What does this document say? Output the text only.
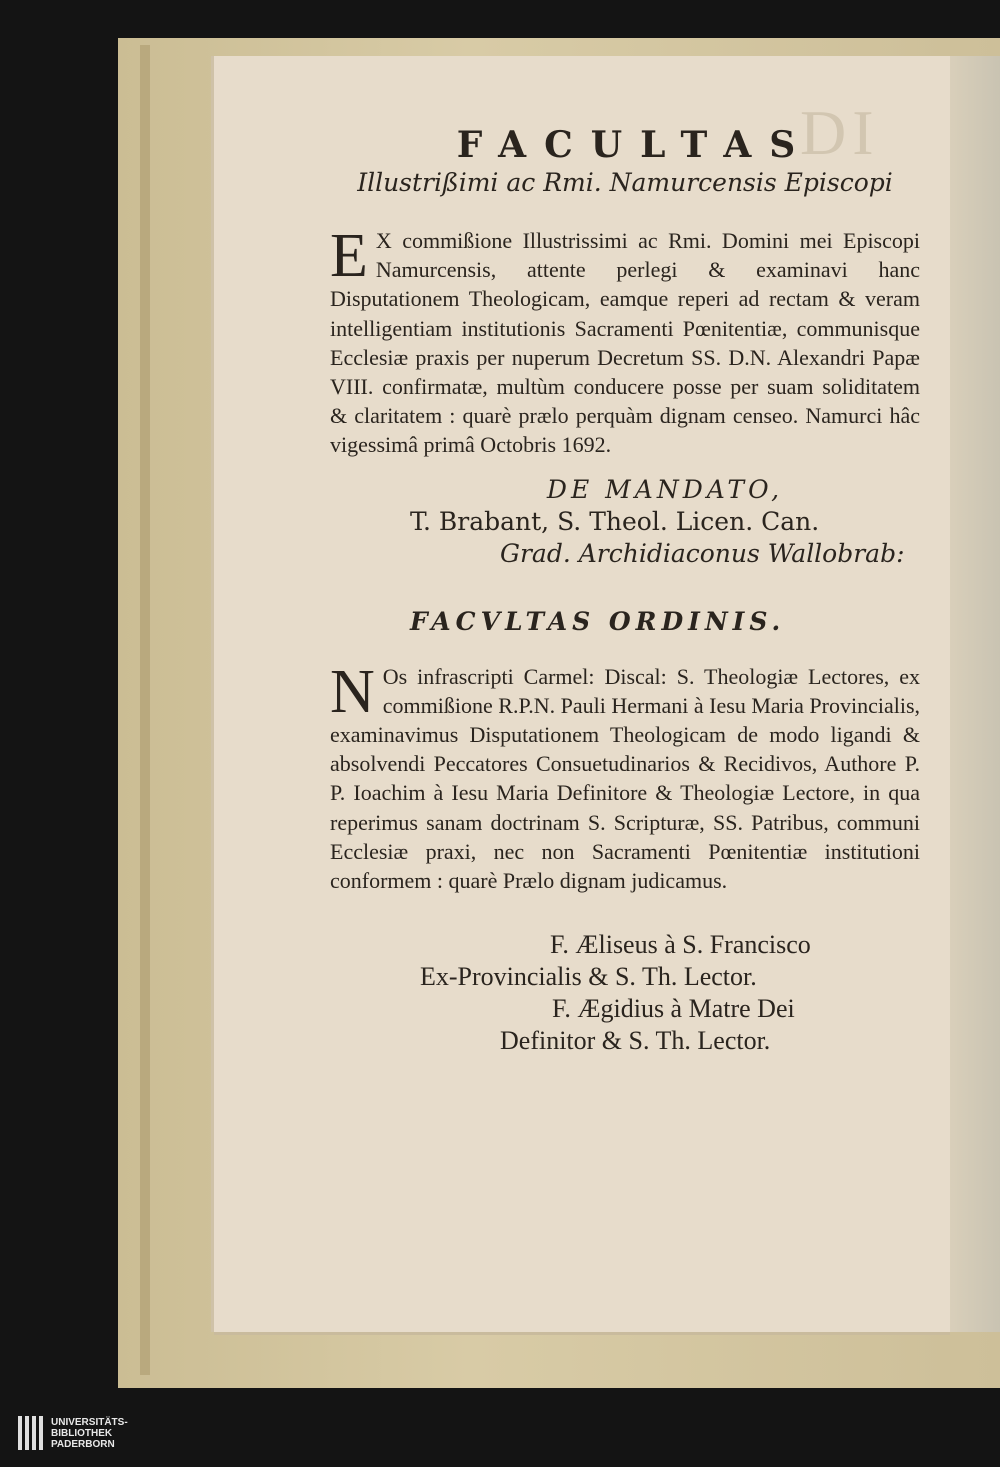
DI

FACULTAS

Illustrißimi ac Rmi. Namurcensis Episcopi

E X commißione Illustrissimi ac Rmi. Domini mei Episcopi Namurcensis, attente perlegi & examinavi hanc Disputationem Theologicam, eamque reperi ad rectam & veram intelligentiam institutionis Sacramenti Pœnitentiæ, communisque Ecclesiæ praxis per nuperum Decretum SS. D.N. Alexandri Papæ VIII. confirmatæ, multùm conducere posse per suam soliditatem & claritatem : quarè prælo perquàm dignam censeo. Namurci hâc vigessimâ primâ Octobris 1692.

DE MANDATO,

T. Brabant, S. Theol. Licen. Can.

Grad. Archidiaconus Wallobrab:

FACVLTAS ORDINIS.

N Os infrascripti Carmel: Discal: S. Theologiæ Lectores, ex commißione R.P.N. Pauli Hermani à Iesu Maria Provincialis, examinavimus Disputationem Theologicam de modo ligandi & absolvendi Peccatores Consuetudinarios & Recidivos, Authore P. P. Ioachim à Iesu Maria Definitore & Theologiæ Lectore, in qua reperimus sanam doctrinam S. Scripturæ, SS. Patribus, communi Ecclesiæ praxi, nec non Sacramenti Pœnitentiæ institutioni conformem : quarè Prælo dignam judicamus.

F. Æliseus à S. Francisco
Ex-Provincialis & S. Th. Lector.
F. Ægidius à Matre Dei
Definitor & S. Th. Lector.
UNIVERSITÄTS-
BIBLIOTHEK
PADERBORN
